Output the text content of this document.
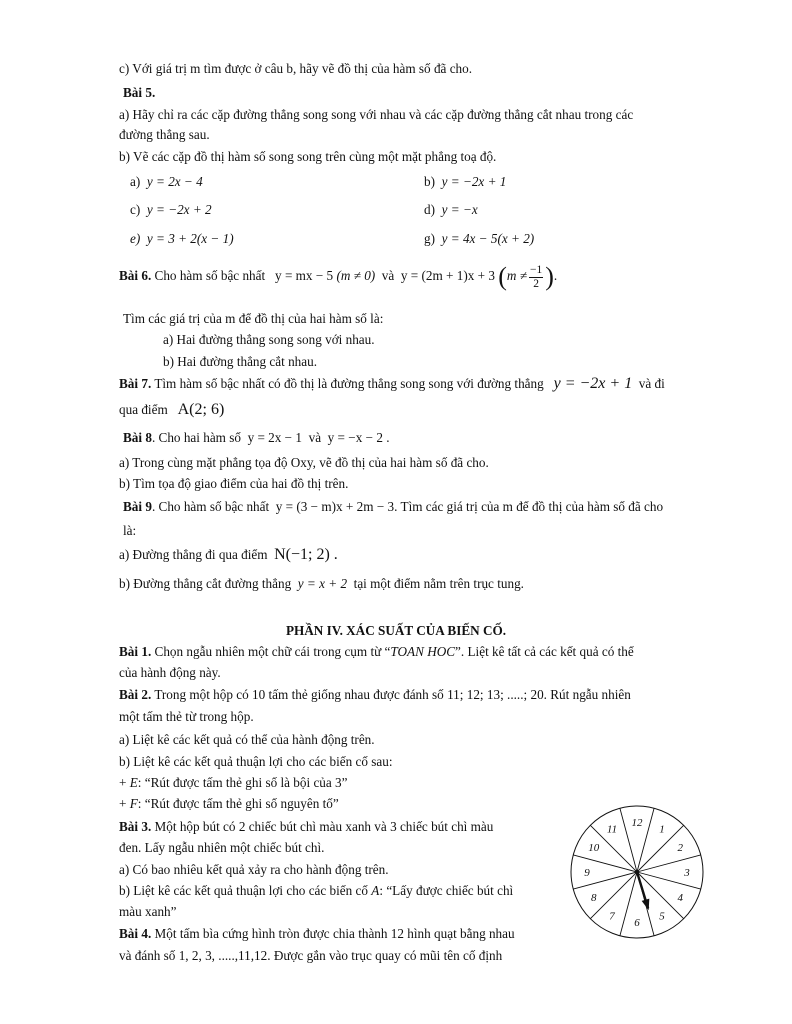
c) Với giá trị m tìm được ở câu b, hãy vẽ đồ thị của hàm số đã cho.
Bài 5.
a) Hãy chỉ ra các cặp đường thẳng song song với nhau và các cặp đường thẳng cắt nhau trong các
đường thẳng sau.
b) Vẽ các cặp đồ thị hàm số song song trên cùng một mặt phẳng toạ độ.
a) y = 2x − 4	b) y = −2x + 1
c) y = −2x + 2	d) y = −x
e) y = 3 + 2(x − 1)	g) y = 4x − 5(x + 2)
Bài 6. Cho hàm số bậc nhất y = mx − 5 (m ≠ 0) và y = (2m + 1)x + 3 ($m \ne \frac{-1}{2}$ ).
Tìm các giá trị của m để đồ thị của hai hàm số là:
a) Hai đường thẳng song song với nhau.
b) Hai đường thẳng cắt nhau.
Bài 7. Tìm hàm số bậc nhất có đồ thị là đường thẳng song song với đường thẳng y = −2x + 1 và đi
qua điểm A(2; 6)
Bài 8. Cho hai hàm số y = 2x − 1 và y = −x − 2 .
a) Trong cùng mặt phẳng tọa độ Oxy, vẽ đồ thị của hai hàm số đã cho.
b) Tìm tọa độ giao điểm của hai đồ thị trên.
Bài 9. Cho hàm số bậc nhất y = (3 − m)x + 2m − 3. Tìm các giá trị của m để đồ thị của hàm số đã cho
là:
a) Đường thẳng đi qua điểm N(−1; 2) .
b) Đường thẳng cắt đường thẳng y = x + 2 tại một điểm nằm trên trục tung.
PHẦN IV. XÁC SUẤT CỦA BIẾN CỐ.
Bài 1. Chọn ngẫu nhiên một chữ cái trong cụm từ “TOAN HOC”. Liệt kê tất cả các kết quả có thể
của hành động này.
Bài 2. Trong một hộp có 10 tấm thẻ giống nhau được đánh số 11; 12; 13; .....; 20. Rút ngẫu nhiên
một tấm thẻ từ trong hộp.
a) Liệt kê các kết quả có thể của hành động trên.
b) Liệt kê các kết quả thuận lợi cho các biến cố sau:
+ E: “Rút được tấm thẻ ghi số là bội của 3”
+ F: “Rút được tấm thẻ ghi số nguyên tố”
Bài 3. Một hộp bút có 2 chiếc bút chì màu xanh và 3 chiếc bút chì màu
đen. Lấy ngẫu nhiên một chiếc bút chì.
a) Có bao nhiêu kết quả xảy ra cho hành động trên.
b) Liệt kê các kết quả thuận lợi cho các biến cố A: “Lấy được chiếc bút chì
màu xanh”
Bài 4. Một tấm bìa cứng hình tròn được chia thành 12 hình quạt bằng nhau
và đánh số 1, 2, 3, .....,11,12. Được gắn vào trục quay có mũi tên cố định
12
1
2
3
4
5
6
7
8
9
10
11
